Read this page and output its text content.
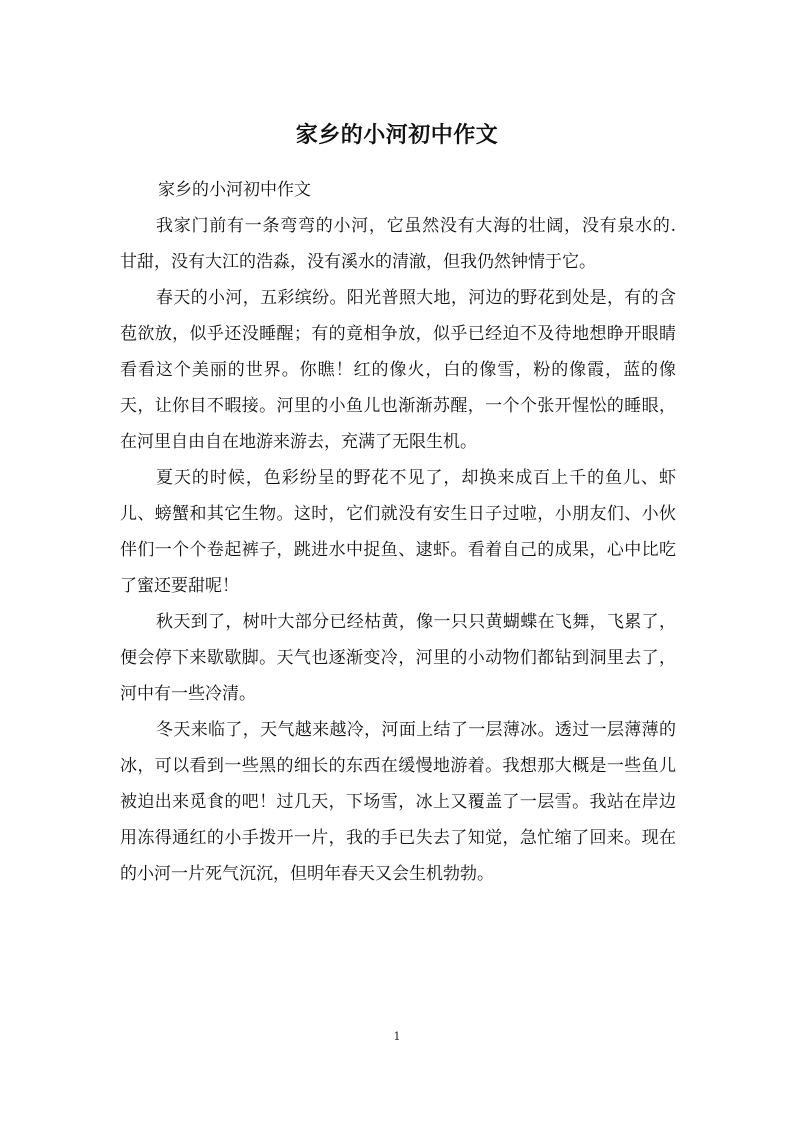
家乡的小河初中作文

家乡的小河初中作文

我家门前有一条弯弯的小河，它虽然没有大海的壮阔，没有泉水的. 甘甜，没有大江的浩淼，没有溪水的清澈，但我仍然钟情于它。

春天的小河，五彩缤纷。阳光普照大地，河边的野花到处是，有的含苞欲放，似乎还没睡醒；有的竟相争放，似乎已经迫不及待地想睁开眼睛看看这个美丽的世界。你瞧！红的像火，白的像雪，粉的像霞，蓝的像天，让你目不暇接。河里的小鱼儿也渐渐苏醒，一个个张开惺忪的睡眼，在河里自由自在地游来游去，充满了无限生机。

夏天的时候，色彩纷呈的野花不见了，却换来成百上千的鱼儿、虾儿、螃蟹和其它生物。这时，它们就没有安生日子过啦，小朋友们、小伙伴们一个个卷起裤子，跳进水中捉鱼、逮虾。看着自己的成果，心中比吃了蜜还要甜呢！

秋天到了，树叶大部分已经枯黄，像一只只黄蝴蝶在飞舞，飞累了，便会停下来歇歇脚。天气也逐渐变冷，河里的小动物们都钻到洞里去了，河中有一些冷清。

冬天来临了，天气越来越冷，河面上结了一层薄冰。透过一层薄薄的冰，可以看到一些黑的细长的东西在缓慢地游着。我想那大概是一些鱼儿被迫出来觅食的吧！过几天，下场雪，冰上又覆盖了一层雪。我站在岸边用冻得通红的小手拨开一片，我的手已失去了知觉，急忙缩了回来。现在的小河一片死气沉沉，但明年春天又会生机勃勃。

1
